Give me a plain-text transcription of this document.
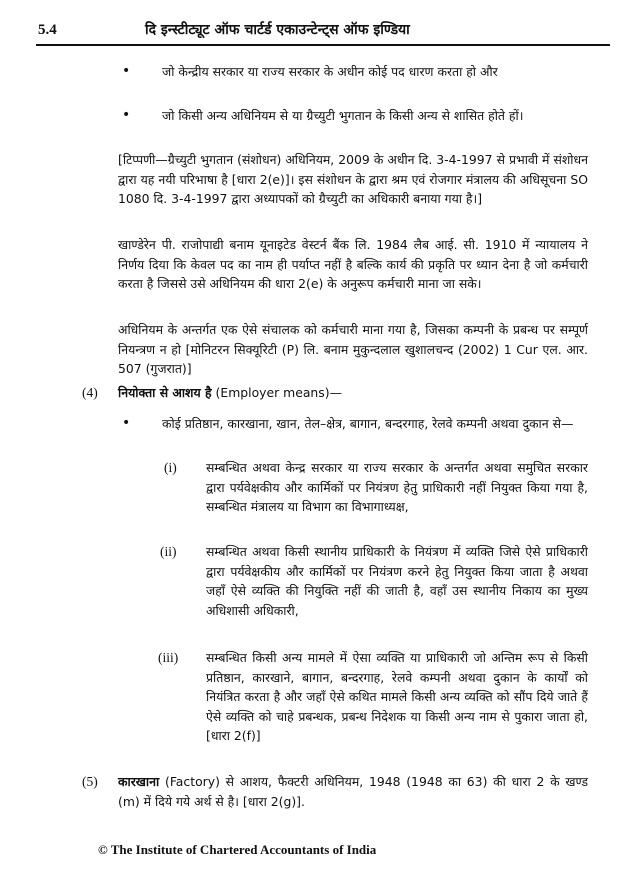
5.4	दि इन्स्टीट्यूट ऑफ चार्टर्ड एकाउन्टेन्ट्स ऑफ इण्डिया
•	जो केन्द्रीय सरकार या राज्य सरकार के अधीन कोई पद धारण करता हो और
•	जो किसी अन्य अधिनियम से या ग्रैच्युटी भुगतान के किसी अन्य से शासित होते हों।
[टिप्पणी—ग्रैच्युटी भुगतान (संशोधन) अधिनियम, 2009 के अधीन दि. 3-4-1997 से प्रभावी में संशोधन द्वारा यह नयी परिभाषा है [धारा 2(e)]। इस संशोधन के द्वारा श्रम एवं रोजगार मंत्रालय की अधिसूचना SO 1080 दि. 3-4-1997 द्वारा अध्यापकों को ग्रैच्युटी का अधिकारी बनाया गया है।]
खाण्डेरेन पी. राजोपाद्यी बनाम यूनाइटेड वेस्टर्न बैंक लि. 1984 लैब आई. सी. 1910 में न्यायालय ने निर्णय दिया कि केवल पद का नाम ही पर्याप्त नहीं है बल्कि कार्य की प्रकृति पर ध्यान देना है जो कर्मचारी करता है जिससे उसे अधिनियम की धारा 2(e) के अनुरूप कर्मचारी माना जा सके।
अधिनियम के अन्तर्गत एक ऐसे संचालक को कर्मचारी माना गया है, जिसका कम्पनी के प्रबन्ध पर सम्पूर्ण नियन्त्रण न हो [मोनिटरन सिक्यूरिटी (P) लि. बनाम मुकुन्दलाल खुशालचन्द (2002) 1 Cur एल. आर. 507 (गुजरात)]
(4) नियोक्ता से आशय है (Employer means)—
•	कोई प्रतिष्ठान, कारखाना, खान, तेल–क्षेत्र, बागान, बन्दरगाह, रेलवे कम्पनी अथवा दुकान से—
(i) सम्बन्धित अथवा केन्द्र सरकार या राज्य सरकार के अन्तर्गत अथवा समुचित सरकार द्वारा पर्यवेक्षकीय और कार्मिकों पर नियंत्रण हेतु प्राधिकारी नहीं नियुक्त किया गया है, सम्बन्धित मंत्रालय या विभाग का विभागाध्यक्ष,
(ii) सम्बन्धित अथवा किसी स्थानीय प्राधिकारी के नियंत्रण में व्यक्ति जिसे ऐसे प्राधिकारी द्वारा पर्यवेक्षकीय और कार्मिकों पर नियंत्रण करने हेतु नियुक्त किया जाता है अथवा जहाँ ऐसे व्यक्ति की नियुक्ति नहीं की जाती है, वहाँ उस स्थानीय निकाय का मुख्य अधिशासी अधिकारी,
(iii) सम्बन्धित किसी अन्य मामले में ऐसा व्यक्ति या प्राधिकारी जो अन्तिम रूप से किसी प्रतिष्ठान, कारखाने, बागान, बन्दरगाह, रेलवे कम्पनी अथवा दुकान के कार्यों को नियंत्रित करता है और जहाँ ऐसे कथित मामले किसी अन्य व्यक्ति को सौंप दिये जाते हैं ऐसे व्यक्ति को चाहे प्रबन्धक, प्रबन्ध निदेशक या किसी अन्य नाम से पुकारा जाता हो, [धारा 2(f)]
(5) कारखाना (Factory) से आशय, फैक्टरी अधिनियम, 1948 (1948 का 63) की धारा 2 के खण्ड (m) में दिये गये अर्थ से है। [धारा 2(g)].
© The Institute of Chartered Accountants of India
